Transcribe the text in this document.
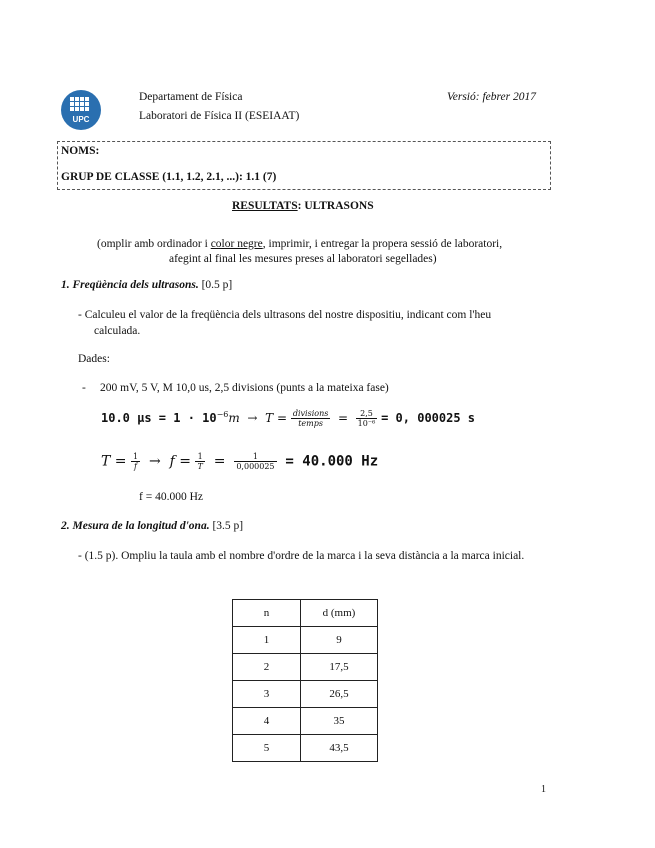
UPC
Departament de Física
Laboratori de Física II (ESEIAAT)
Versió: febrer 2017
NOMS:
GRUP DE CLASSE (1.1, 1.2, 2.1, ...): 1.1 (7)
RESULTATS: ULTRASONS
(omplir amb ordinador i color negre, imprimir, i entregar la propera sessió de laboratori,
afegint al final les mesures preses al laboratori segellades)
1. Freqüència dels ultrasons. [0.5 p]
- Calculeu el valor de la freqüència dels ultrasons del nostre dispositiu, indicant com l'heu
calculada.
Dades:
- 200 mV, 5 V, M 10,0 us, 2,5 divisions (punts a la mateixa fase)
10.0 $\mu s = 1 \cdot 10^{-6}m \to T = \frac{\text{divisions}}{\text{temps}} = \frac{2,5}{\text{10⁻⁶}} = 0$, 000025 s
$T = \frac{1}{f} \to f = \frac{1}{T} = \frac{1}{0,000025} = 40.000$ Hz
f = 40.000 Hz
2. Mesura de la longitud d'ona. [3.5 p]
- (1.5 p). Ompliu la taula amb el nombre d'ordre de la marca i la seva distància a la marca inicial.
n	d (mm)
1	9
2	17,5
3	26,5
4	35
5	43,5
1
